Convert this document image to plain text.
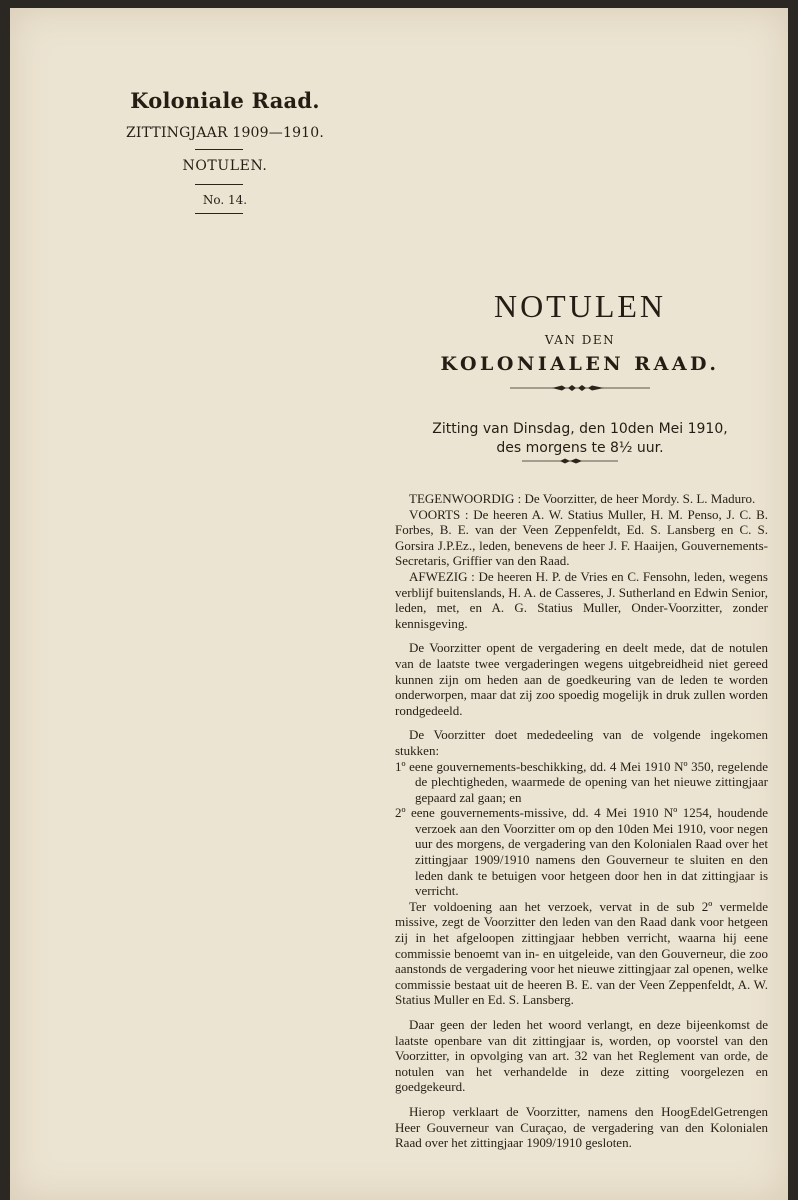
Koloniale Raad.
ZITTINGJAAR 1909—1910.
NOTULEN.
No. 14.
NOTULEN
VAN DEN
KOLONIALEN RAAD.
Zitting van Dinsdag, den 10den Mei 1910,
des morgens te 8½ uur.

TEGENWOORDIG : De Voorzitter, de heer Mordy. S. L. Maduro.

VOORTS : De heeren A. W. Statius Muller, H. M. Penso, J. C. B. Forbes, B. E. van der Veen Zeppenfeldt, Ed. S. Lansberg en C. S. Gorsira J.P.Ez., leden, benevens de heer J. F. Haaijen, Gouvernements-Secretaris, Griffier van den Raad.

AFWEZIG : De heeren H. P. de Vries en C. Fensohn, leden, wegens verblijf buitenslands, H. A. de Casseres, J. Sutherland en Edwin Senior, leden, met, en A. G. Statius Muller, Onder-Voorzitter, zonder kennisgeving.

De Voorzitter opent de vergadering en deelt mede, dat de notulen van de laatste twee vergaderingen wegens uitgebreidheid niet gereed kunnen zijn om heden aan de goedkeuring van de leden te worden onderworpen, maar dat zij zoo spoedig mogelijk in druk zullen worden rondgedeeld.

De Voorzitter doet mededeeling van de volgende ingekomen stukken:

1º eene gouvernements-beschikking, dd. 4 Mei 1910 Nº 350, regelende de plechtigheden, waarmede de opening van het nieuwe zittingjaar gepaard zal gaan; en

2º eene gouvernements-missive, dd. 4 Mei 1910 Nº 1254, houdende verzoek aan den Voorzitter om op den 10den Mei 1910, voor negen uur des morgens, de vergadering van den Kolonialen Raad over het zittingjaar 1909/1910 namens den Gouverneur te sluiten en den leden dank te betuigen voor hetgeen door hen in dat zittingjaar is verricht.

Ter voldoening aan het verzoek, vervat in de sub 2º vermelde missive, zegt de Voorzitter den leden van den Raad dank voor hetgeen zij in het afgeloopen zittingjaar hebben verricht, waarna hij eene commissie benoemt van in- en uitgeleide, van den Gouverneur, die zoo aanstonds de vergadering voor het nieuwe zittingjaar zal openen, welke commissie bestaat uit de heeren B. E. van der Veen Zeppenfeldt, A. W. Statius Muller en Ed. S. Lansberg.

Daar geen der leden het woord verlangt, en deze bijeenkomst de laatste openbare van dit zittingjaar is, worden, op voorstel van den Voorzitter, in opvolging van art. 32 van het Reglement van orde, de notulen van het verhandelde in deze zitting voorgelezen en goedgekeurd.

Hierop verklaart de Voorzitter, namens den HoogEdelGetrengen Heer Gouverneur van Curaçao, de vergadering van den Kolonialen Raad over het zittingjaar 1909/1910 gesloten.
